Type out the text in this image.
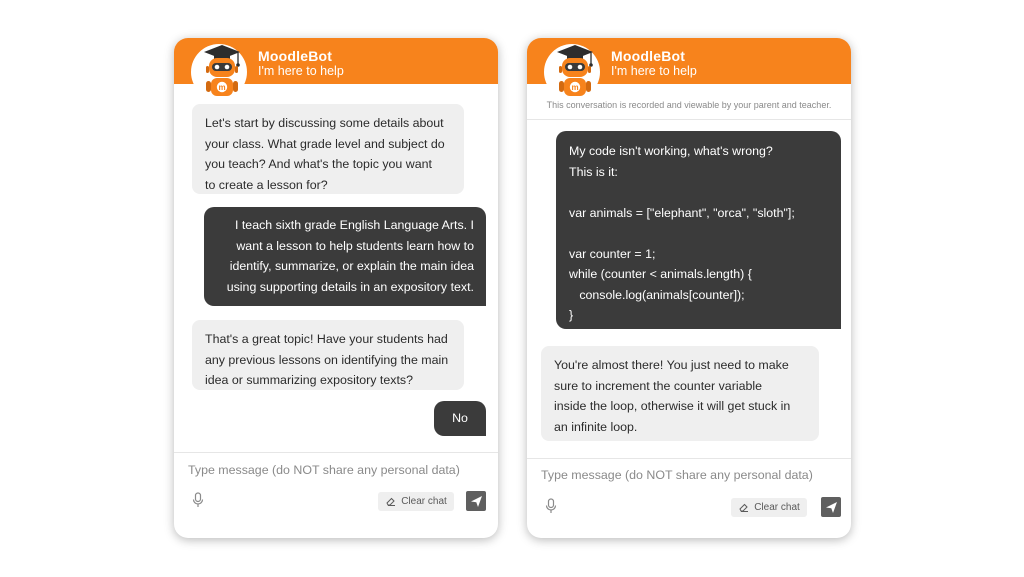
MoodleBot
I'm here to help
m
Let's start by discussing some details about
your class. What grade level and subject do
you teach? And what's the topic you want
to create a lesson for?
I teach sixth grade English Language Arts. I
want a lesson to help students learn how to
identify, summarize, or explain the main idea
using supporting details in an expository text.
That's a great topic! Have your students had
any previous lessons on identifying the main
idea or summarizing expository texts?
No
Type message (do NOT share any personal data)
Clear chat
MoodleBot
I'm here to help
m
This conversation is recorded and viewable by your parent and teacher.
My code isn't working, what's wrong?
This is it:

var animals = ["elephant", "orca", "sloth"];

var counter = 1;
while (counter < animals.length) {
console.log(animals[counter]);
}
You're almost there! You just need to make
sure to increment the counter variable
inside the loop, otherwise it will get stuck in
an infinite loop.
Type message (do NOT share any personal data)
Clear chat
